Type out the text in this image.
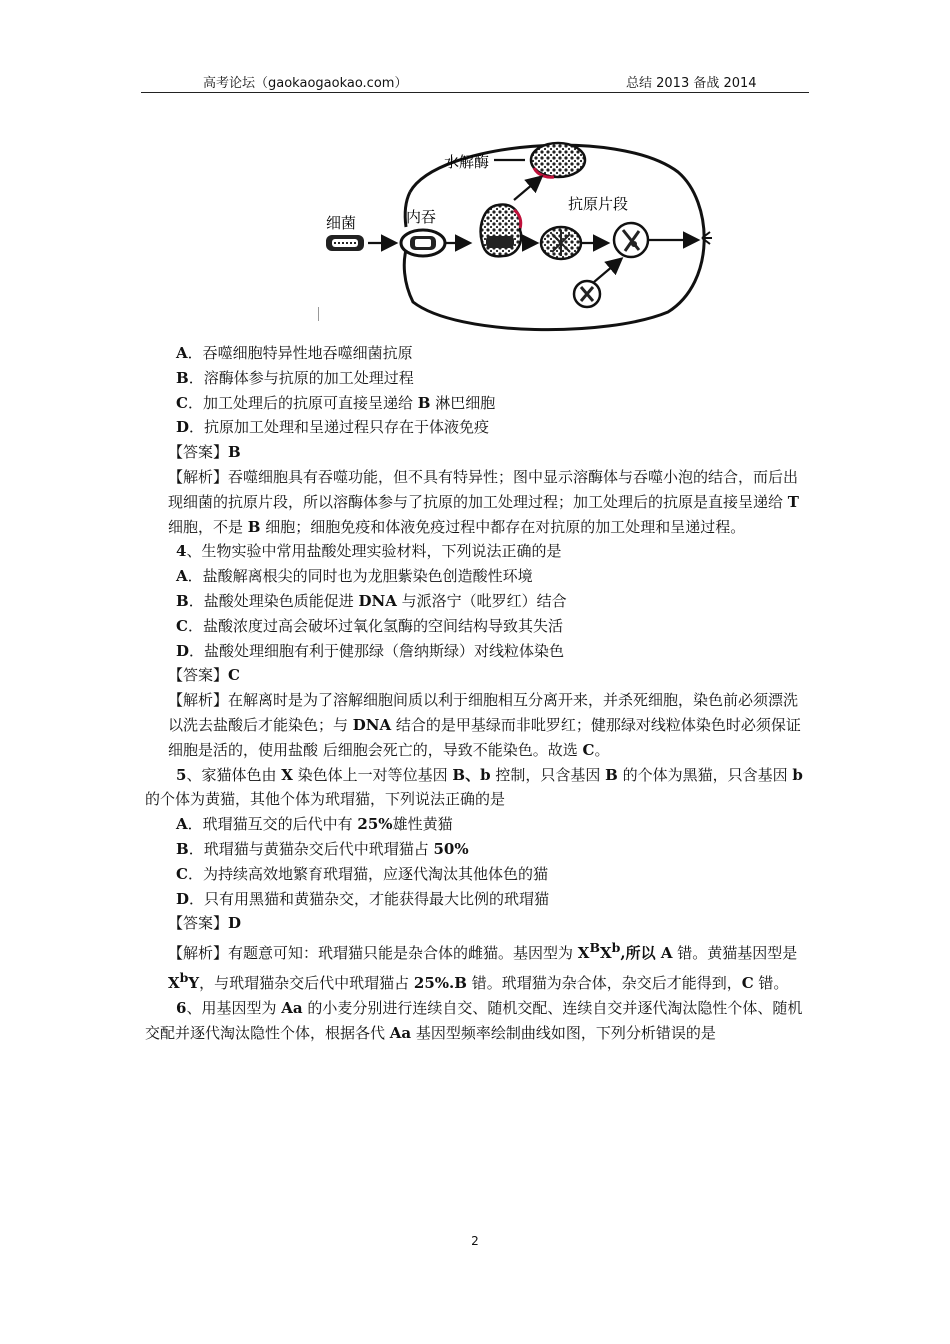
高考论坛（gaokaogaokao.com）	总结 2013 备战 2014
水解酶
细菌	内吞
抗原片段

A．吞噬细胞特异性地吞噬细菌抗原

B．溶酶体参与抗原的加工处理过程

C．加工处理后的抗原可直接呈递给 B 淋巴细胞

D．抗原加工处理和呈递过程只存在于体液免疫

【答案】B

【解析】吞噬细胞具有吞噬功能，但不具有特异性；图中显示溶酶体与吞噬小泡的结合，而后出现细菌的抗原片段，所以溶酶体参与了抗原的加工处理过程；加工处理后的抗原是直接呈递给 T 细胞，不是 B 细胞；细胞免疫和体液免疫过程中都存在对抗原的加工处理和呈递过程。

4、生物实验中常用盐酸处理实验材料，下列说法正确的是

A．盐酸解离根尖的同时也为龙胆紫染色创造酸性环境

B．盐酸处理染色质能促进 DNA 与派洛宁（吡罗红）结合

C．盐酸浓度过高会破坏过氧化氢酶的空间结构导致其失活

D．盐酸处理细胞有利于健那绿（詹纳斯绿）对线粒体染色

【答案】C

【解析】在解离时是为了溶解细胞间质以利于细胞相互分离开来，并杀死细胞，染色前必须漂洗以洗去盐酸后才能染色；与 DNA 结合的是甲基绿而非吡罗红；健那绿对线粒体染色时必须保证细胞是活的，使用盐酸 后细胞会死亡的，导致不能染色。故选 C。

5、家猫体色由 X 染色体上一对等位基因 B、b 控制，只含基因 B 的个体为黑猫，只含基因 b 的个体为黄猫，其他个体为玳瑁猫，下列说法正确的是

A．玳瑁猫互交的后代中有 25%雄性黄猫

B．玳瑁猫与黄猫杂交后代中玳瑁猫占 50%

C．为持续高效地繁育玳瑁猫，应逐代淘汰其他体色的猫

D．只有用黑猫和黄猫杂交，才能获得最大比例的玳瑁猫

【答案】D

【解析】有题意可知：玳瑁猫只能是杂合体的雌猫。基因型为 $X^BX^b$,所以 A 错。黄猫基因型是 $X^bY$，与玳瑁猫杂交后代中玳瑁猫占 25%.B 错。玳瑁猫为杂合体，杂交后才能得到，C 错。

6、用基因型为 Aa 的小麦分别进行连续自交、随机交配、连续自交并逐代淘汰隐性个体、随机交配并逐代淘汰隐性个体，根据各代 Aa 基因型频率绘制曲线如图，下列分析错误的是

2
